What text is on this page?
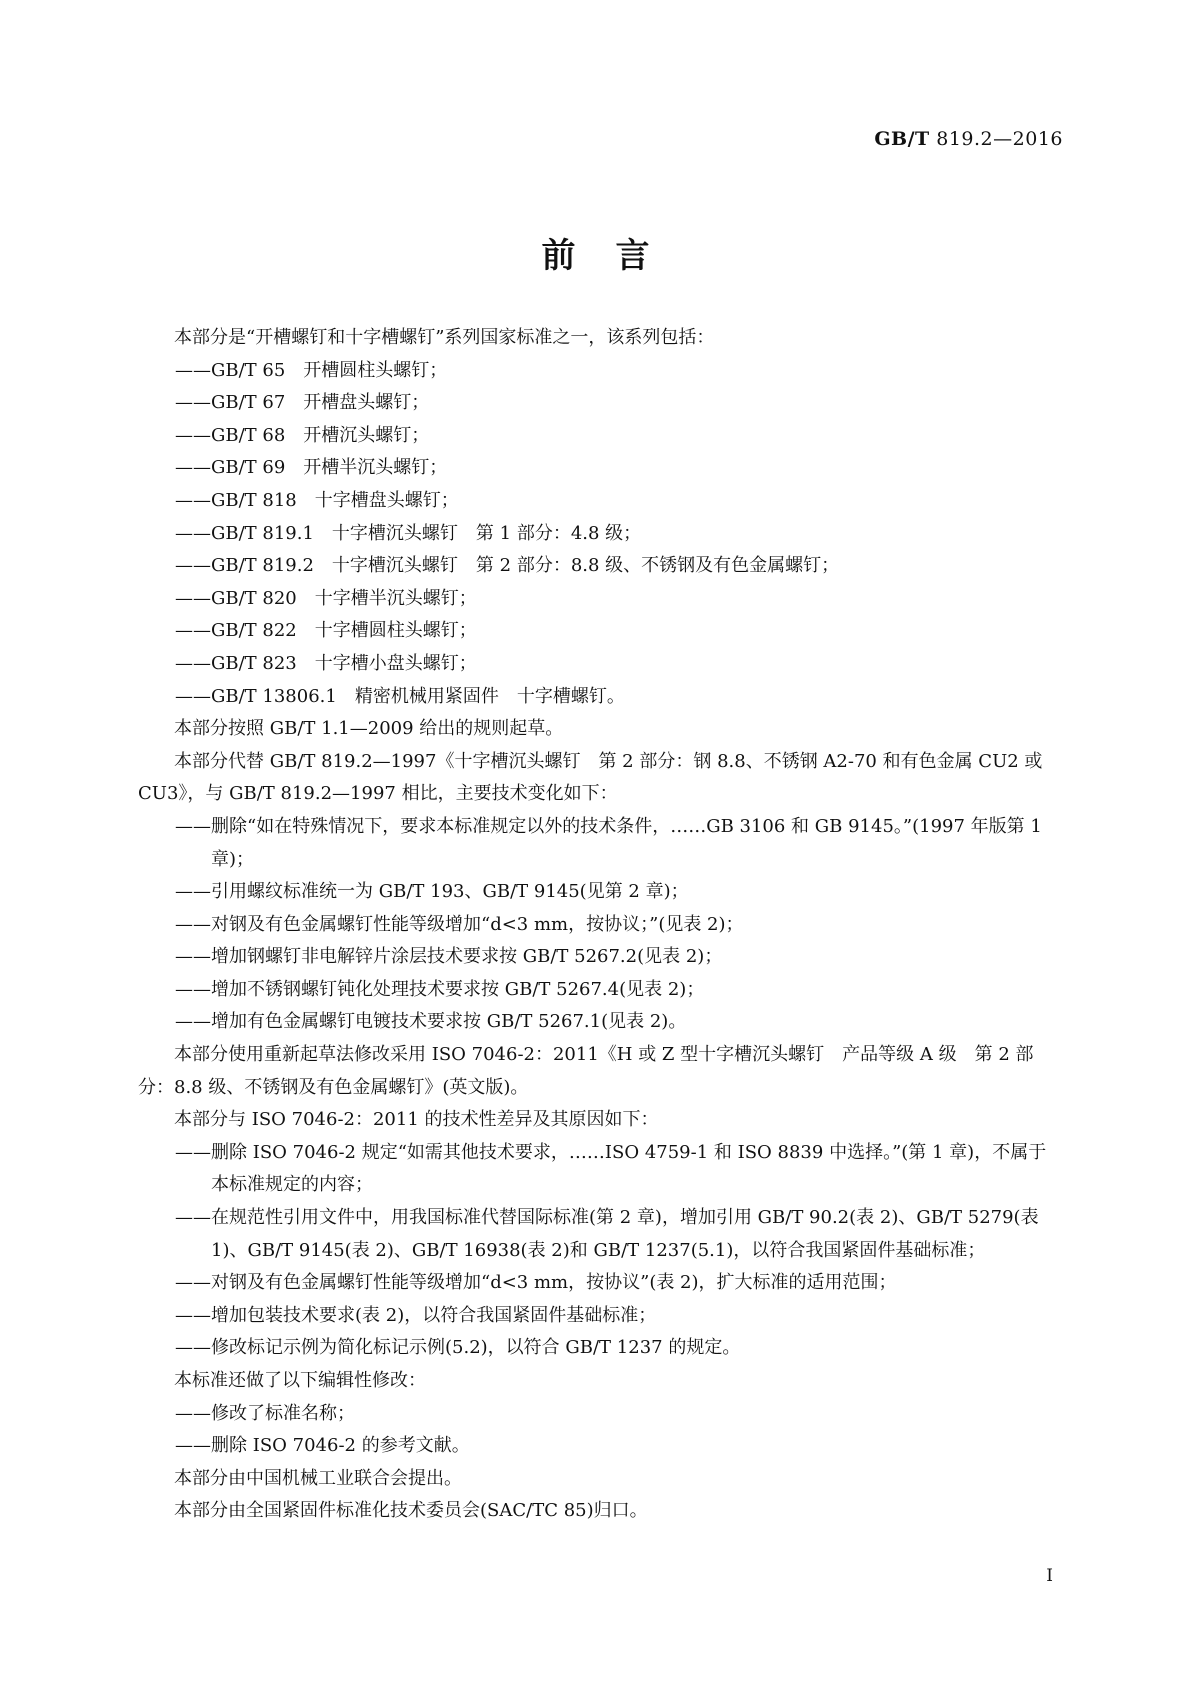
GB/T 819.2—2016
前言

本部分是“开槽螺钉和十字槽螺钉”系列国家标准之一，该系列包括：

——GB/T 65　开槽圆柱头螺钉；

——GB/T 67　开槽盘头螺钉；

——GB/T 68　开槽沉头螺钉；

——GB/T 69　开槽半沉头螺钉；

——GB/T 818　十字槽盘头螺钉；

——GB/T 819.1　十字槽沉头螺钉　第 1 部分：4.8 级；

——GB/T 819.2　十字槽沉头螺钉　第 2 部分：8.8 级、不锈钢及有色金属螺钉；

——GB/T 820　十字槽半沉头螺钉；

——GB/T 822　十字槽圆柱头螺钉；

——GB/T 823　十字槽小盘头螺钉；

——GB/T 13806.1　精密机械用紧固件　十字槽螺钉。

本部分按照 GB/T 1.1—2009 给出的规则起草。

本部分代替 GB/T 819.2—1997《十字槽沉头螺钉　第 2 部分：钢 8.8、不锈钢 A2-70 和有色金属 CU2 或 CU3》，与 GB/T 819.2—1997 相比，主要技术变化如下：

——删除“如在特殊情况下，要求本标准规定以外的技术条件，……GB 3106 和 GB 9145。”(1997 年版第 1 章)；

——引用螺纹标准统一为 GB/T 193、GB/T 9145(见第 2 章)；

——对钢及有色金属螺钉性能等级增加“d<3 mm，按协议；”(见表 2)；

——增加钢螺钉非电解锌片涂层技术要求按 GB/T 5267.2(见表 2)；

——增加不锈钢螺钉钝化处理技术要求按 GB/T 5267.4(见表 2)；

——增加有色金属螺钉电镀技术要求按 GB/T 5267.1(见表 2)。

本部分使用重新起草法修改采用 ISO 7046-2：2011《H 或 Z 型十字槽沉头螺钉　产品等级 A 级　第 2 部分：8.8 级、不锈钢及有色金属螺钉》(英文版)。

本部分与 ISO 7046-2：2011 的技术性差异及其原因如下：

——删除 ISO 7046-2 规定“如需其他技术要求，……ISO 4759-1 和 ISO 8839 中选择。”(第 1 章)，不属于本标准规定的内容；

——在规范性引用文件中，用我国标准代替国际标准(第 2 章)，增加引用 GB/T 90.2(表 2)、GB/T 5279(表 1)、GB/T 9145(表 2)、GB/T 16938(表 2)和 GB/T 1237(5.1)，以符合我国紧固件基础标准；

——对钢及有色金属螺钉性能等级增加“d<3 mm，按协议”(表 2)，扩大标准的适用范围；

——增加包装技术要求(表 2)，以符合我国紧固件基础标准；

——修改标记示例为简化标记示例(5.2)，以符合 GB/T 1237 的规定。

本标准还做了以下编辑性修改：

——修改了标准名称；

——删除 ISO 7046-2 的参考文献。

本部分由中国机械工业联合会提出。

本部分由全国紧固件标准化技术委员会(SAC/TC 85)归口。

I
